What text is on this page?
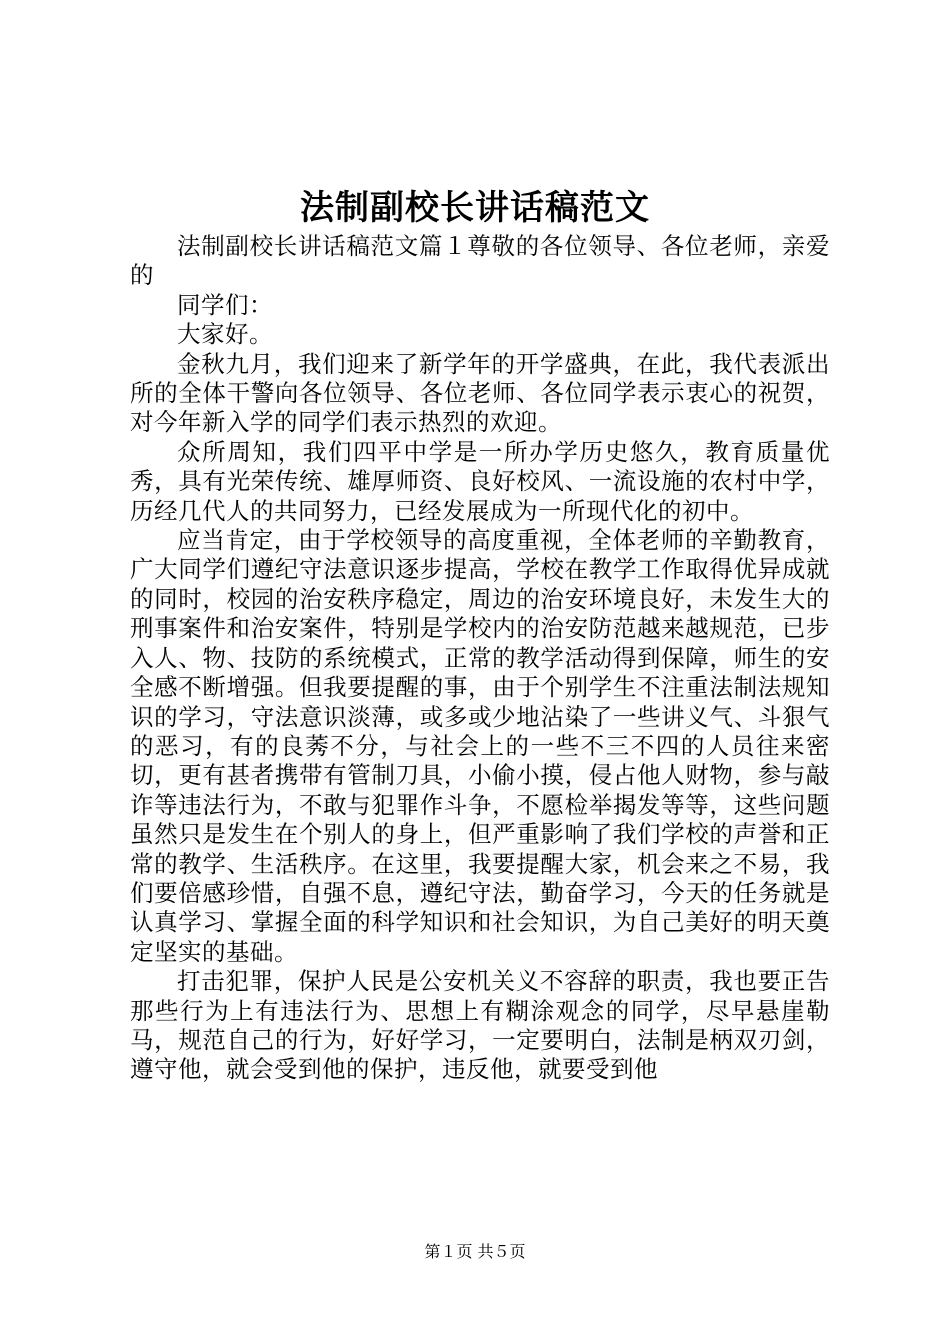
法制副校长讲话稿范文

法制副校长讲话稿范文篇１尊敬的各位领导、各位老师，亲爱的

同学们：

大家好。

金秋九月，我们迎来了新学年的开学盛典，在此，我代表派出所的全体干警向各位领导、各位老师、各位同学表示衷心的祝贺，对今年新入学的同学们表示热烈的欢迎。

众所周知，我们四平中学是一所办学历史悠久，教育质量优秀，具有光荣传统、雄厚师资、良好校风、一流设施的农村中学，历经几代人的共同努力，已经发展成为一所现代化的初中。

应当肯定，由于学校领导的高度重视，全体老师的辛勤教育，广大同学们遵纪守法意识逐步提高，学校在教学工作取得优异成就的同时，校园的治安秩序稳定，周边的治安环境良好，未发生大的刑事案件和治安案件，特别是学校内的治安防范越来越规范，已步入人、物、技防的系统模式，正常的教学活动得到保障，师生的安全感不断增强。但我要提醒的事，由于个别学生不注重法制法规知识的学习，守法意识淡薄，或多或少地沾染了一些讲义气、斗狠气的恶习，有的良莠不分，与社会上的一些不三不四的人员往来密切，更有甚者携带有管制刀具，小偷小摸，侵占他人财物，参与敲诈等违法行为，不敢与犯罪作斗争，不愿检举揭发等等，这些问题虽然只是发生在个别人的身上，但严重影响了我们学校的声誉和正常的教学、生活秩序。在这里，我要提醒大家，机会来之不易，我们要倍感珍惜，自强不息，遵纪守法，勤奋学习，今天的任务就是认真学习、掌握全面的科学知识和社会知识，为自己美好的明天奠定坚实的基础。

打击犯罪，保护人民是公安机关义不容辞的职责，我也要正告那些行为上有违法行为、思想上有糊涂观念的同学，尽早悬崖勒马，规范自己的行为，好好学习，一定要明白，法制是柄双刃剑，遵守他，就会受到他的保护，违反他，就要受到他

第１页 共５页
